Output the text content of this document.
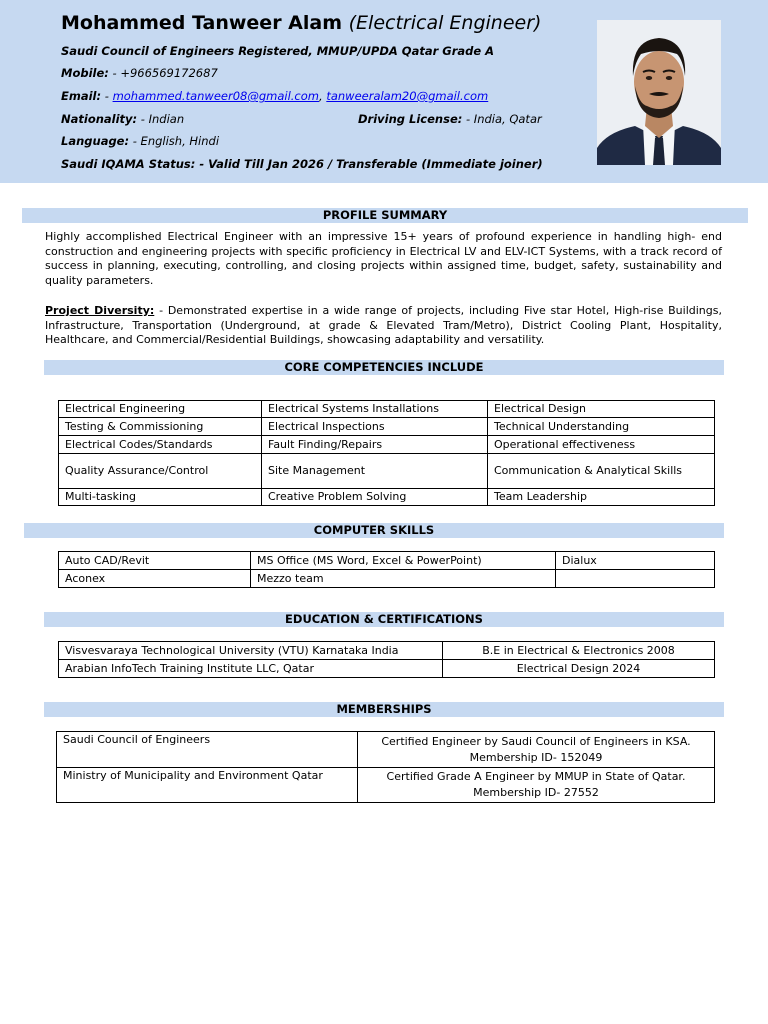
Mohammed Tanweer Alam (Electrical Engineer)
Saudi Council of Engineers Registered, MMUP/UPDA Qatar Grade A
Mobile: - +966569172687
Email: - mohammed.tanweer08@gmail.com, tanweeralam20@gmail.com
Nationality: - Indian	Driving License: - India, Qatar
Language: - English, Hindi
Saudi IQAMA Status: - Valid Till Jan 2026 / Transferable (Immediate joiner)
PROFILE SUMMARY
Highly accomplished Electrical Engineer with an impressive 15+ years of profound experience in handling high- end construction and engineering projects with specific proficiency in Electrical LV and ELV-ICT Systems, with a track record of success in planning, executing, controlling, and closing projects within assigned time, budget, safety, sustainability and quality parameters.
Project Diversity: - Demonstrated expertise in a wide range of projects, including Five star Hotel, High-rise Buildings, Infrastructure, Transportation (Underground, at grade & Elevated Tram/Metro), District Cooling Plant, Hospitality, Healthcare, and Commercial/Residential Buildings, showcasing adaptability and versatility.
CORE COMPETENCIES INCLUDE
Electrical Engineering	Electrical Systems Installations	Electrical Design
Testing & Commissioning	Electrical Inspections	Technical Understanding
Electrical Codes/Standards	Fault Finding/Repairs	Operational effectiveness
Quality Assurance/Control	Site Management	Communication & Analytical Skills
Multi-tasking	Creative Problem Solving	Team Leadership
COMPUTER SKILLS
Auto CAD/Revit	MS Office (MS Word, Excel & PowerPoint)	Dialux
Aconex	Mezzo team	
EDUCATION & CERTIFICATIONS
Visvesvaraya Technological University (VTU) Karnataka India	B.E in Electrical & Electronics 2008
Arabian InfoTech Training Institute LLC, Qatar	Electrical Design 2024
MEMBERSHIPS
Saudi Council of Engineers	Certified Engineer by Saudi Council of Engineers in KSA.
Membership ID- 152049

Ministry of Municipality and Environment Qatar	Certified Grade A Engineer by MMUP in State of Qatar.
Membership ID- 27552
